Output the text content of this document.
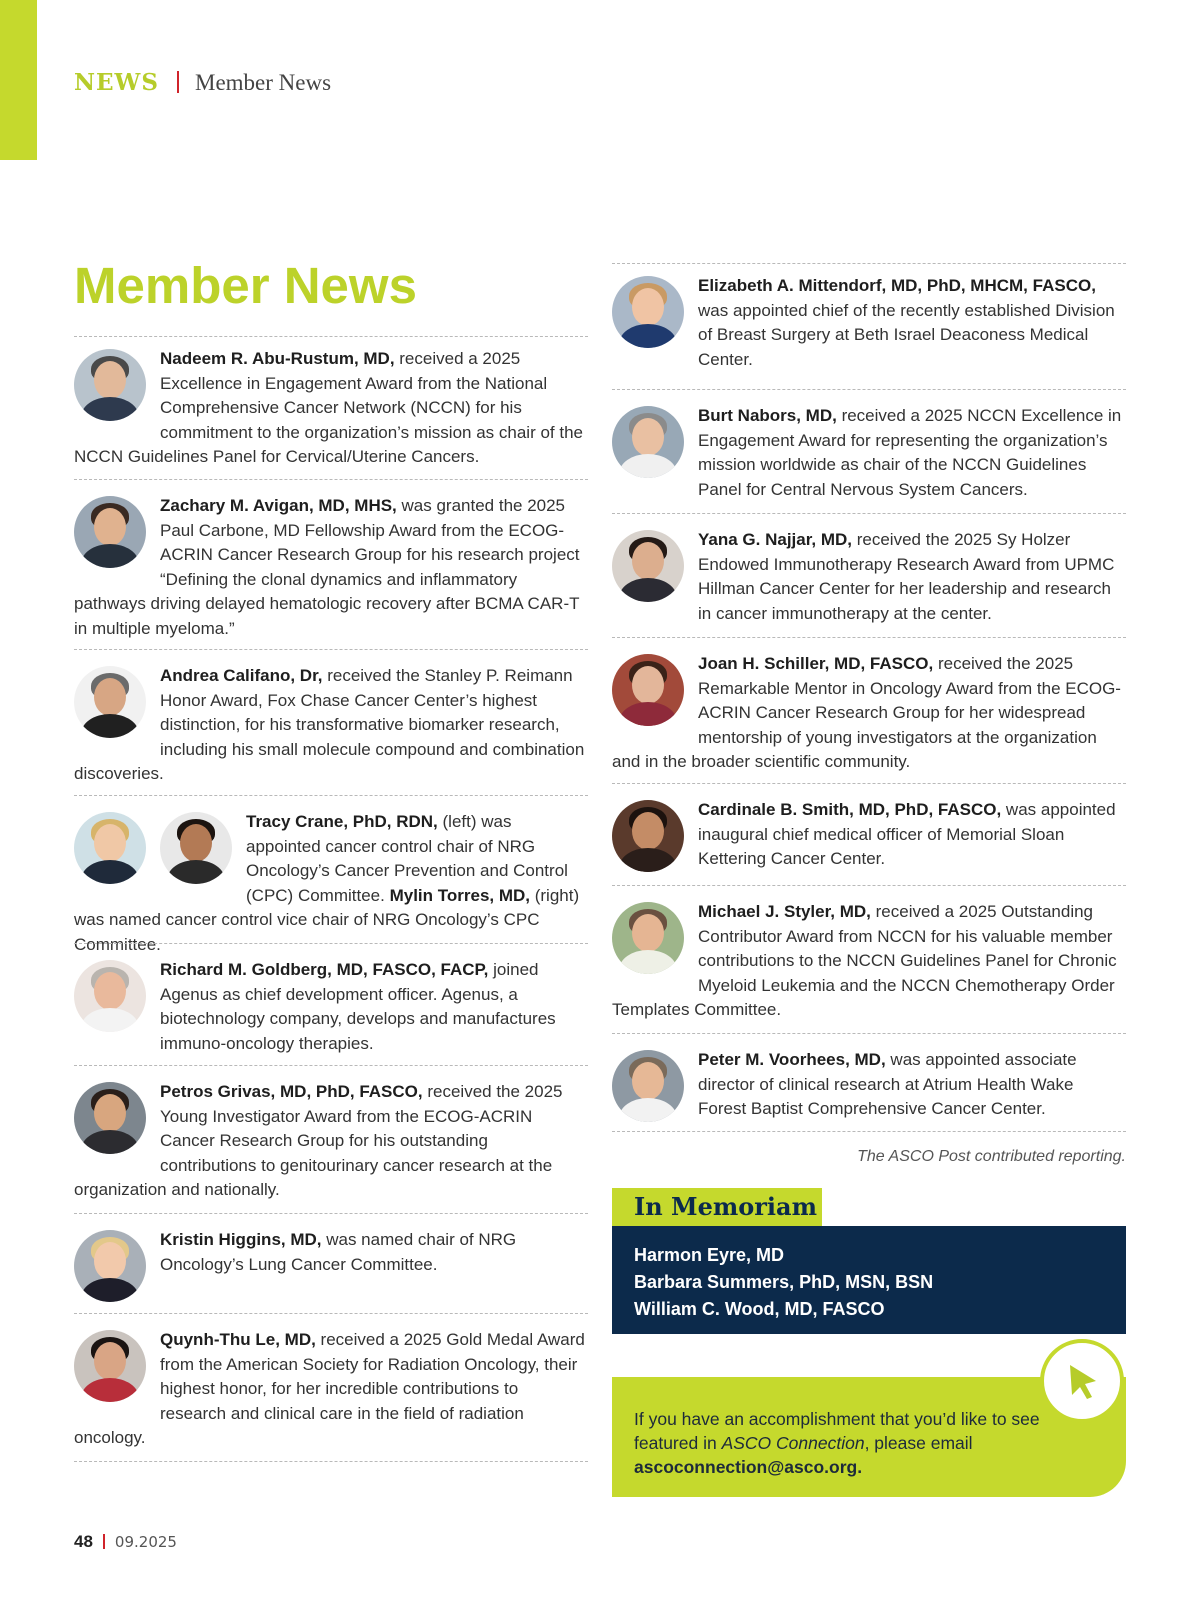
NEWS Member News
Member News

Nadeem R. Abu-Rustum, MD, received a 2025 Excellence in Engagement Award from the National Comprehensive Cancer Network (NCCN) for his commitment to the organization’s mission as chair of the NCCN Guidelines Panel for Cervical/Uterine Cancers.

Zachary M. Avigan, MD, MHS, was granted the 2025 Paul Carbone, MD Fellowship Award from the ECOG-ACRIN Cancer Research Group for his research project “Defining the clonal dynamics and inflammatory pathways driving delayed hematologic recovery after BCMA CAR-T in multiple myeloma.”

Andrea Califano, Dr, received the Stanley P. Reimann Honor Award, Fox Chase Cancer Center’s highest distinction, for his transformative biomarker research, including his small molecule compound and combination discoveries.

Tracy Crane, PhD, RDN, (left) was appointed cancer control chair of NRG Oncology’s Cancer Prevention and Control (CPC) Committee. Mylin Torres, MD, (right) was named cancer control vice chair of NRG Oncology’s CPC Committee.

Richard M. Goldberg, MD, FASCO, FACP, joined Agenus as chief development officer. Agenus, a biotechnology company, develops and manufactures immuno-oncology therapies.

Petros Grivas, MD, PhD, FASCO, received the 2025 Young Investigator Award from the ECOG-ACRIN Cancer Research Group for his outstanding contributions to genitourinary cancer research at the organization and nationally.

Kristin Higgins, MD, was named chair of NRG Oncology’s Lung Cancer Committee.

Quynh-Thu Le, MD, received a 2025 Gold Medal Award from the American Society for Radiation Oncology, their highest honor, for her incredible contributions to research and clinical care in the field of radiation oncology.

Elizabeth A. Mittendorf, MD, PhD, MHCM, FASCO, was appointed chief of the recently established Division of Breast Surgery at Beth Israel Deaconess Medical Center.

Burt Nabors, MD, received a 2025 NCCN Excellence in Engagement Award for representing the organization’s mission worldwide as chair of the NCCN Guidelines Panel for Central Nervous System Cancers.

Yana G. Najjar, MD, received the 2025 Sy Holzer Endowed Immunotherapy Research Award from UPMC Hillman Cancer Center for her leadership and research in cancer immunotherapy at the center.

Joan H. Schiller, MD, FASCO, received the 2025 Remarkable Mentor in Oncology Award from the ECOG-ACRIN Cancer Research Group for her widespread mentorship of young investigators at the organization and in the broader scientific community.

Cardinale B. Smith, MD, PhD, FASCO, was appointed inaugural chief medical officer of Memorial Sloan Kettering Cancer Center.

Michael J. Styler, MD, received a 2025 Outstanding Contributor Award from NCCN for his valuable member contributions to the NCCN Guidelines Panel for Chronic Myeloid Leukemia and the NCCN Chemotherapy Order Templates Committee.

Peter M. Voorhees, MD, was appointed associate director of clinical research at Atrium Health Wake Forest Baptist Comprehensive Cancer Center.

The ASCO Post contributed reporting.
In Memoriam
Harmon Eyre, MD
Barbara Summers, PhD, MSN, BSN
William C. Wood, MD, FASCO

If you have an accomplishment that you’d like to see featured in ASCO Connection, please email ascoconnection@asco.org.

48 09.2025
